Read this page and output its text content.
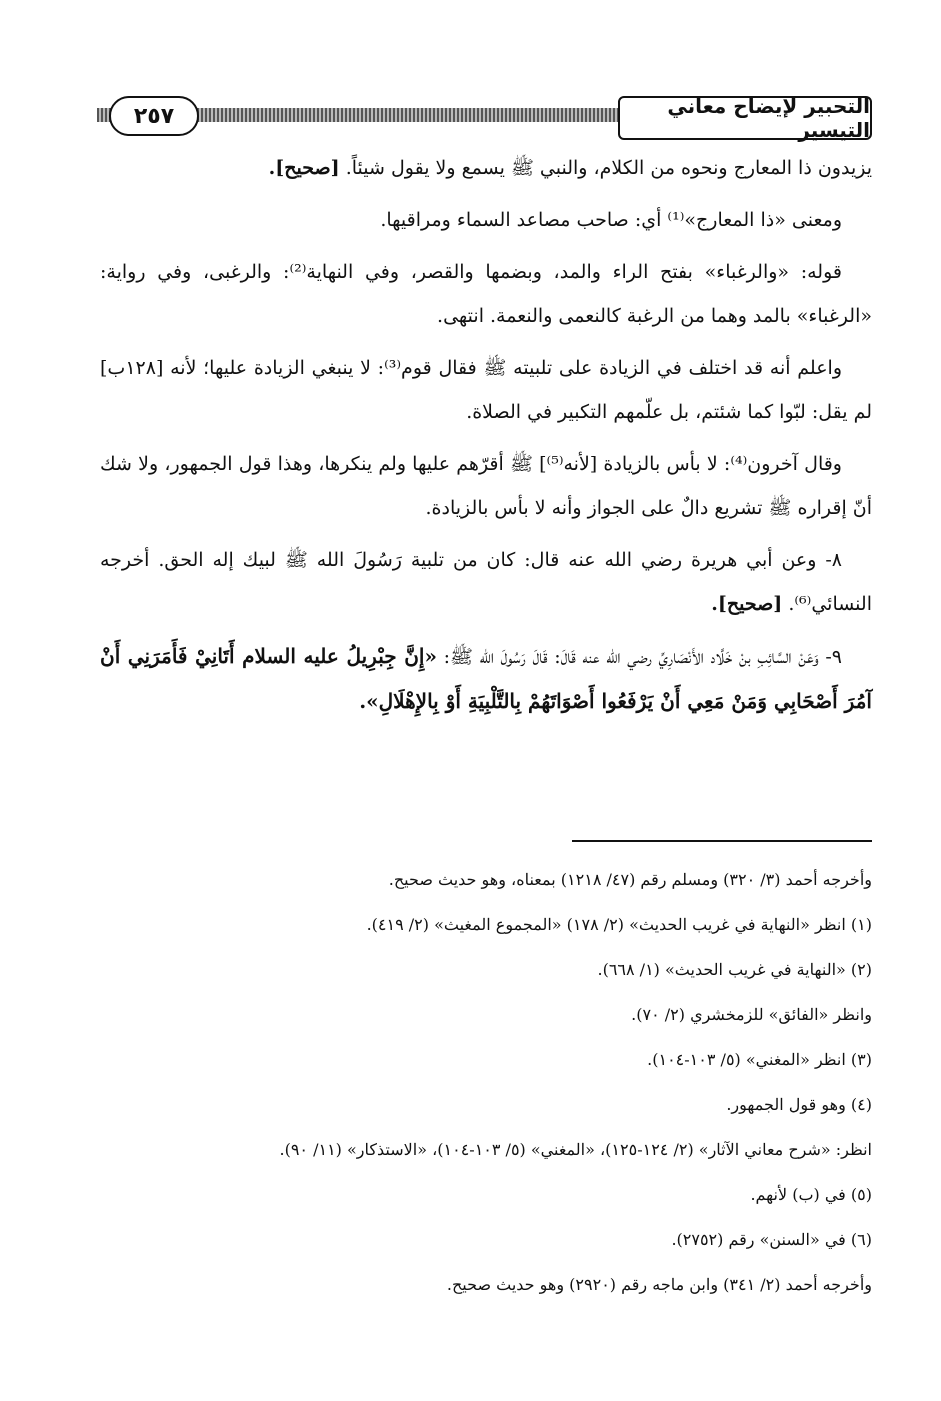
٢٥٧	التحبير لإيضاح معاني التيسير

يزيدون ذا المعارج ونحوه من الكلام، والنبي ﷺ يسمع ولا يقول شيئاً. [صحيح].

ومعنى «ذا المعارج»⁽¹⁾ أي: صاحب مصاعد السماء ومراقيها.

قوله: «والرغباء» بفتح الراء والمد، وبضمها والقصر، وفي النهاية⁽²⁾: والرغبى، وفي رواية: «الرغباء» بالمد وهما من الرغبة كالنعمى والنعمة. انتهى.

واعلم أنه قد اختلف في الزيادة على تلبيته ﷺ فقال قوم⁽³⁾: لا ينبغي الزيادة عليها؛ لأنه [١٢٨ب] لم يقل: لبّوا كما شئتم، بل علّمهم التكبير في الصلاة.

وقال آخرون⁽⁴⁾: لا بأس بالزيادة [لأنه⁽⁵⁾] ﷺ أقرّهم عليها ولم ينكرها، وهذا قول الجمهور، ولا شك أنّ إقراره ﷺ تشريع دالٌ على الجواز وأنه لا بأس بالزيادة.

٨- وعن أبي هريرة رضي الله عنه قال: كان من تلبية رَسُولَ الله ﷺ لبيك إله الحق. أخرجه النسائي⁽⁶⁾. [صحيح].

٩- وَعَنْ السَّائِبِ بنْ خَلَّاد الأَنْصَارِيِّ رضي الله عنه قَالَ: قَالَ رَسُولَ الله ﷺ: «إِنَّ جِبْرِيلُ عليه السلام أَتَانِيْ فَأَمَرَنِي أَنْ آمُرَ أَصْحَابِي وَمَنْ مَعِي أَنْ يَرْفَعُوا أَصْوَاتَهُمْ بِالتَّلْبِيَةِ أَوْ بِالإِهْلَالِ».

وأخرجه أحمد (٣/ ٣٢٠) ومسلم رقم (٤٧/ ١٢١٨) بمعناه، وهو حديث صحيح.

(١) انظر «النهاية في غريب الحديث» (٢/ ١٧٨) «المجموع المغيث» (٢/ ٤١٩).

(٢) «النهاية في غريب الحديث» (١/ ٦٦٨).

وانظر «الفائق» للزمخشري (٢/ ٧٠).

(٣) انظر «المغني» (٥/ ١٠٣-١٠٤).

(٤) وهو قول الجمهور.

انظر: «شرح معاني الآثار» (٢/ ١٢٤-١٢٥)، «المغني» (٥/ ١٠٣-١٠٤)، «الاستذكار» (١١/ ٩٠).

(٥) في (ب) لأنهم.

(٦) في «السنن» رقم (٢٧٥٢).

وأخرجه أحمد (٢/ ٣٤١) وابن ماجه رقم (٢٩٢٠) وهو حديث صحيح.
